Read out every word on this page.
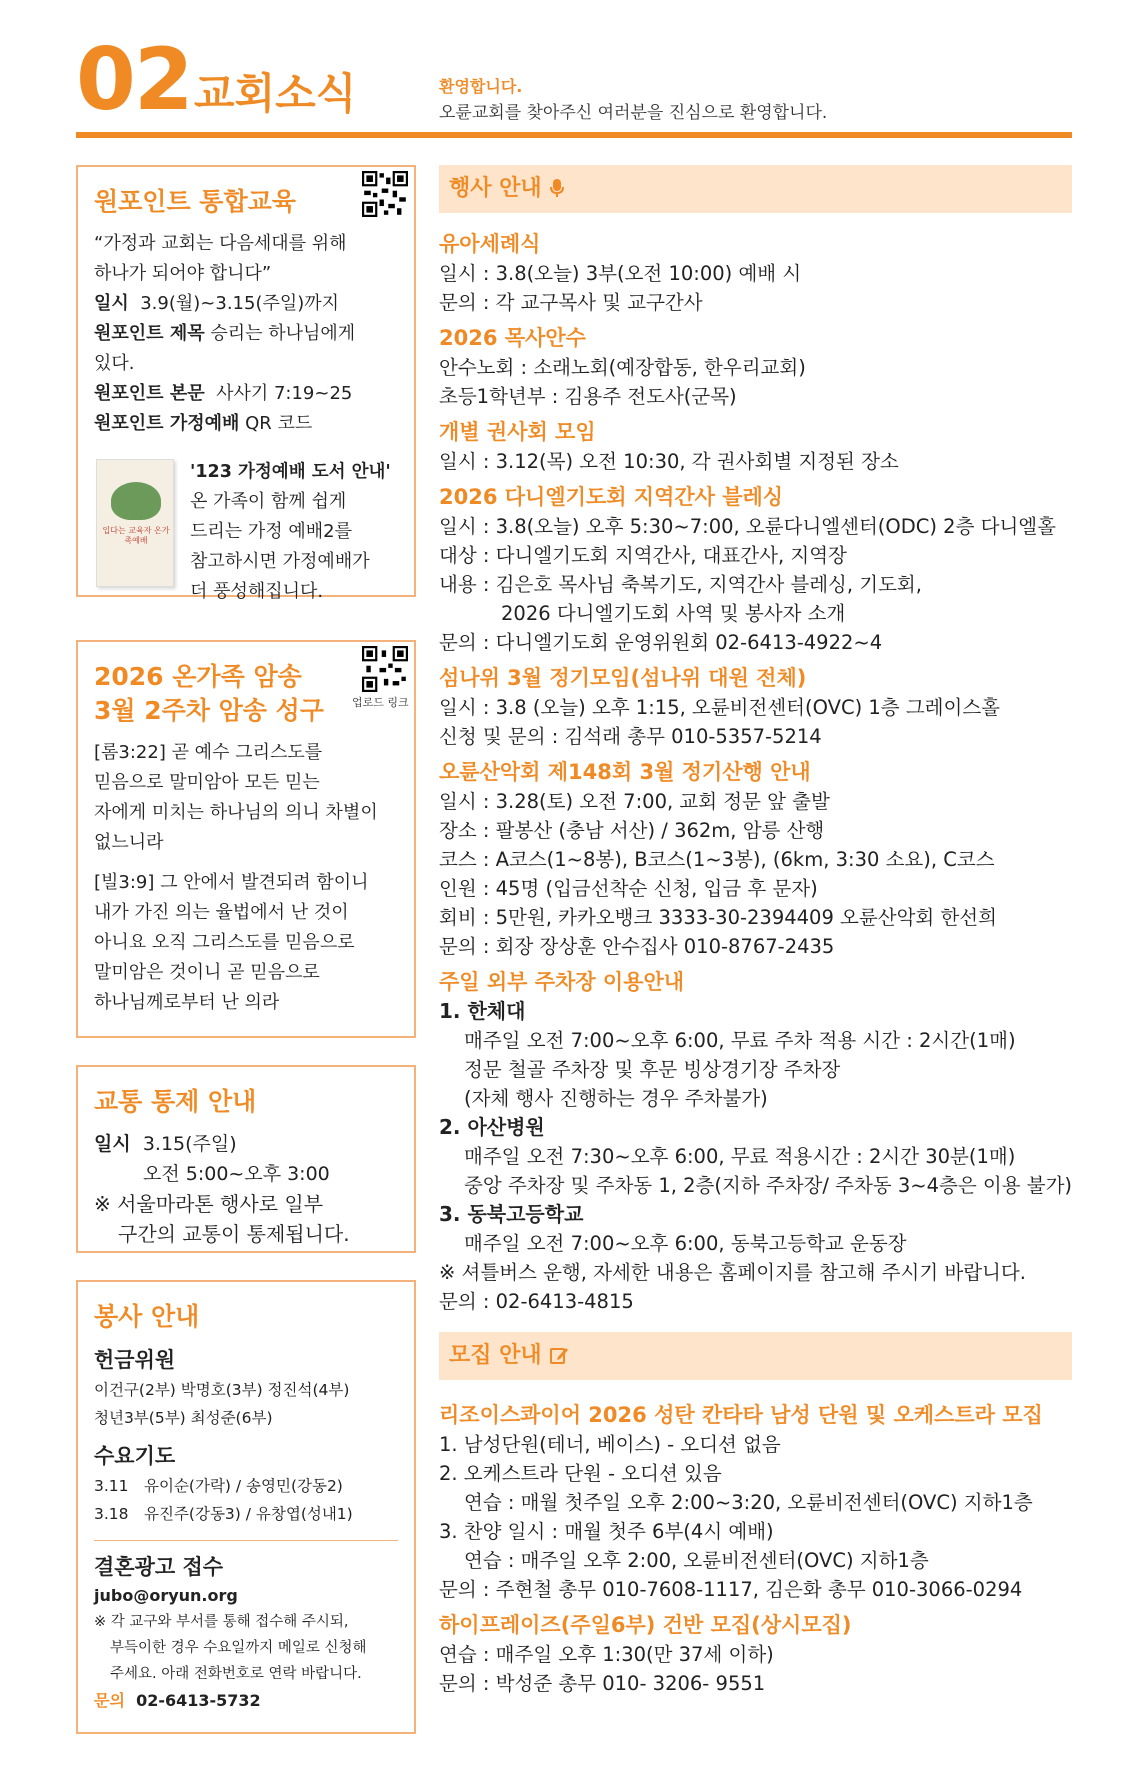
02 교회소식	환영합니다.
오륜교회를 찾아주신 여러분을 진심으로 환영합니다.
원포인트 통합교육
“가정과 교회는 다음세대를 위해
하나가 되어야 합니다”
일시 3.9(월)~3.15(주일)까지
원포인트 제목 승리는 하나님에게
있다.
원포인트 본문 사사기 7:19~25
원포인트 가정예배 QR 코드
입다는 교육자 온가족예배
'123 가정예배 도서 안내'
온 가족이 함께 쉽게
드리는 가정 예배2를
참고하시면 가정예배가
더 풍성해집니다.
업로드 링크
2026 온가족 암송
3월 2주차 암송 성구
[롬3:22] 곧 예수 그리스도를
믿음으로 말미암아 모든 믿는
자에게 미치는 하나님의 의니 차별이
없느니라
[빌3:9] 그 안에서 발견되려 함이니
내가 가진 의는 율법에서 난 것이
아니요 오직 그리스도를 믿음으로
말미암은 것이니 곧 믿음으로
하나님께로부터 난 의라
교통 통제 안내
일시 3.15(주일)
오전 5:00~오후 3:00
※ 서울마라톤 행사로 일부
구간의 교통이 통제됩니다.
봉사 안내
헌금위원
이건구(2부) 박명호(3부) 정진석(4부)
청년3부(5부) 최성준(6부)
수요기도
3.11 유이순(가락) / 송영민(강동2)
3.18 유진주(강동3) / 유창엽(성내1)
결혼광고 접수
jubo@oryun.org
※ 각 교구와 부서를 통해 접수해 주시되,
부득이한 경우 수요일까지 메일로 신청해
주세요. 아래 전화번호로 연락 바랍니다.
문의 02-6413-5732
행사 안내
유아세례식
일시 : 3.8(오늘) 3부(오전 10:00) 예배 시
문의 : 각 교구목사 및 교구간사
2026 목사안수
안수노회 : 소래노회(예장합동, 한우리교회)
초등1학년부 : 김용주 전도사(군목)
개별 권사회 모임
일시 : 3.12(목) 오전 10:30, 각 권사회별 지정된 장소
2026 다니엘기도회 지역간사 블레싱
일시 : 3.8(오늘) 오후 5:30~7:00, 오륜다니엘센터(ODC) 2층 다니엘홀
대상 : 다니엘기도회 지역간사, 대표간사, 지역장
내용 : 김은호 목사님 축복기도, 지역간사 블레싱, 기도회,
2026 다니엘기도회 사역 및 봉사자 소개
문의 : 다니엘기도회 운영위원회 02-6413-4922~4
섬나위 3월 정기모임(섬나위 대원 전체)
일시 : 3.8 (오늘) 오후 1:15, 오륜비전센터(OVC) 1층 그레이스홀
신청 및 문의 : 김석래 총무 010-5357-5214
오륜산악회 제148회 3월 정기산행 안내
일시 : 3.28(토) 오전 7:00, 교회 정문 앞 출발
장소 : 팔봉산 (충남 서산) / 362m, 암릉 산행
코스 : A코스(1~8봉), B코스(1~3봉), (6km, 3:30 소요), C코스
인원 : 45명 (입금선착순 신청, 입금 후 문자)
회비 : 5만원, 카카오뱅크 3333-30-2394409 오륜산악회 한선희
문의 : 회장 장상훈 안수집사 010-8767-2435
주일 외부 주차장 이용안내
1. 한체대
매주일 오전 7:00~오후 6:00, 무료 주차 적용 시간 : 2시간(1매)
정문 철골 주차장 및 후문 빙상경기장 주차장
(자체 행사 진행하는 경우 주차불가)
2. 아산병원
매주일 오전 7:30~오후 6:00, 무료 적용시간 : 2시간 30분(1매)
중앙 주차장 및 주차동 1, 2층(지하 주차장/ 주차동 3~4층은 이용 불가)
3. 동북고등학교
매주일 오전 7:00~오후 6:00, 동북고등학교 운동장
※ 셔틀버스 운행, 자세한 내용은 홈페이지를 참고해 주시기 바랍니다.
문의 : 02-6413-4815
모집 안내
리조이스콰이어 2026 성탄 칸타타 남성 단원 및 오케스트라 모집
1. 남성단원(테너, 베이스) - 오디션 없음
2. 오케스트라 단원 - 오디션 있음
연습 : 매월 첫주일 오후 2:00~3:20, 오륜비전센터(OVC) 지하1층
3. 찬양 일시 : 매월 첫주 6부(4시 예배)
연습 : 매주일 오후 2:00, 오륜비전센터(OVC) 지하1층
문의 : 주현철 총무 010-7608-1117, 김은화 총무 010-3066-0294
하이프레이즈(주일6부) 건반 모집(상시모집)
연습 : 매주일 오후 1:30(만 37세 이하)
문의 : 박성준 총무 010- 3206- 9551
